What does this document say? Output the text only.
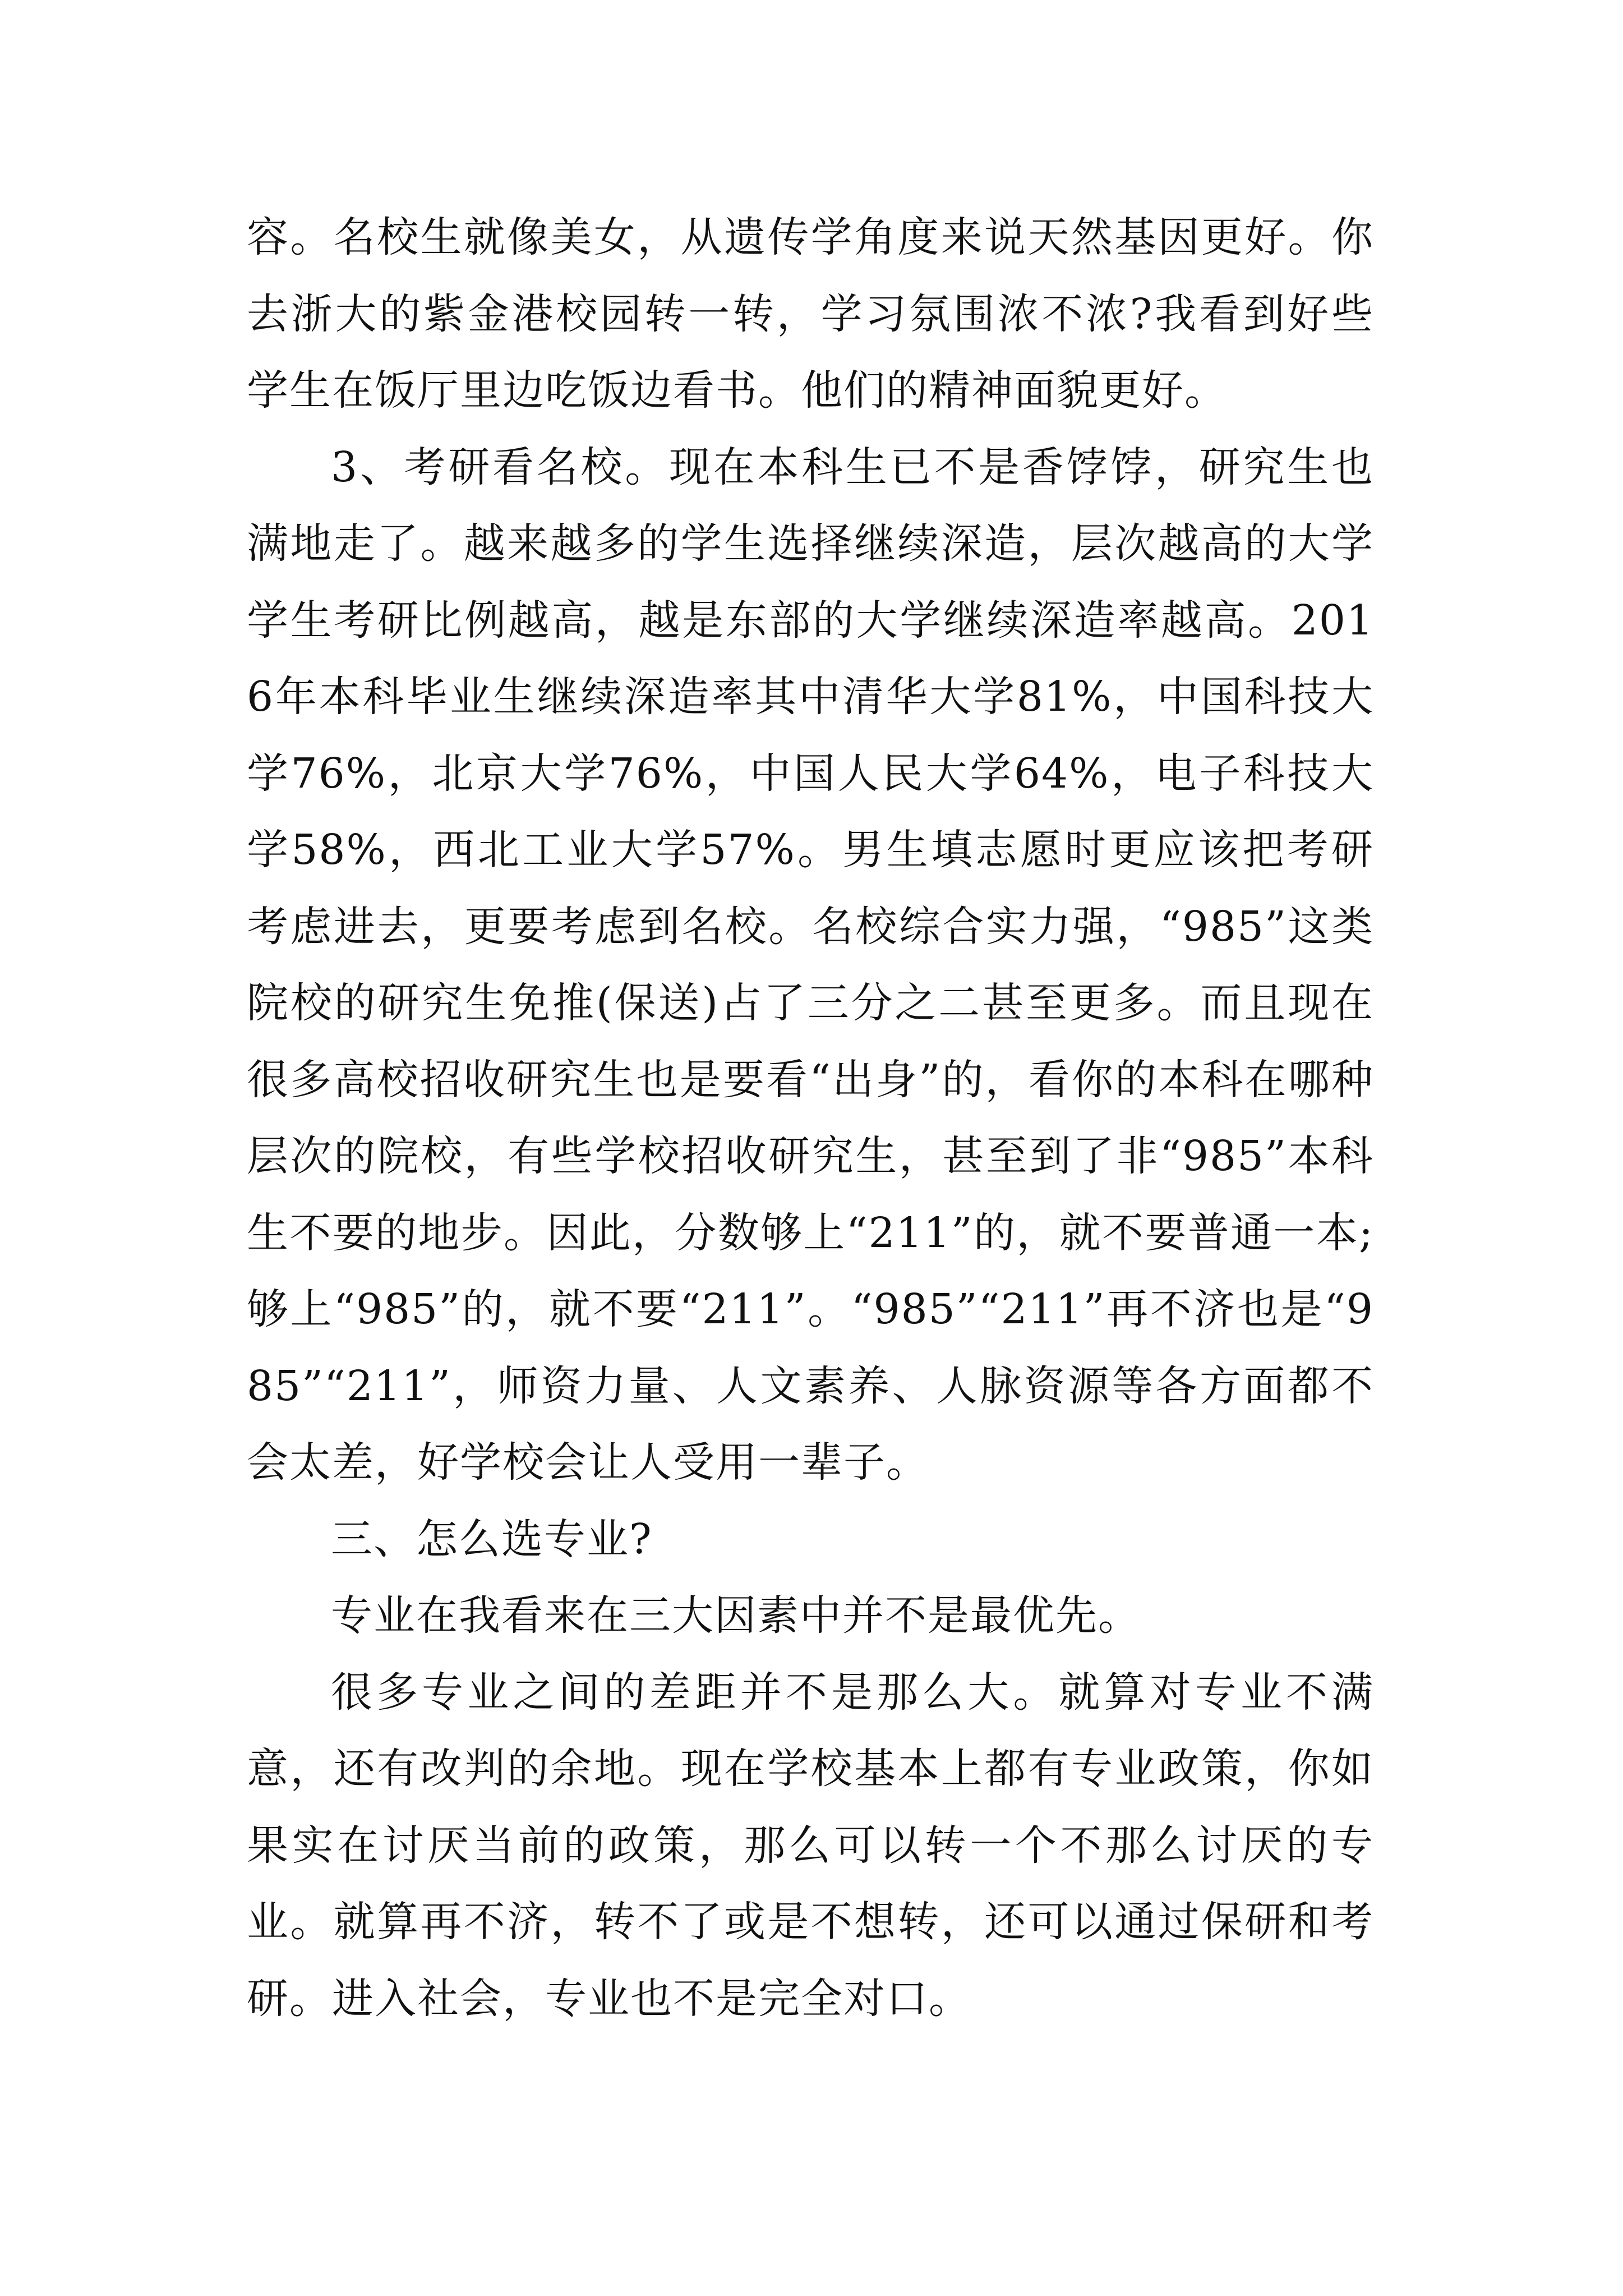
容。名校生就像美女，从遗传学角度来说天然基因更好。你去浙大的紫金港校园转一转，学习氛围浓不浓?我看到好些学生在饭厅里边吃饭边看书。他们的精神面貌更好。

3、考研看名校。现在本科生已不是香饽饽，研究生也满地走了。越来越多的学生选择继续深造，层次越高的大学学生考研比例越高，越是东部的大学继续深造率越高。2016年本科毕业生继续深造率其中清华大学81%，中国科技大学76%，北京大学76%，中国人民大学64%，电子科技大学58%，西北工业大学57%。男生填志愿时更应该把考研考虑进去，更要考虑到名校。名校综合实力强，“985”这类院校的研究生免推(保送)占了三分之二甚至更多。而且现在很多高校招收研究生也是要看“出身”的，看你的本科在哪种层次的院校，有些学校招收研究生，甚至到了非“985”本科生不要的地步。因此，分数够上“211”的，就不要普通一本;够上“985”的，就不要“211”。“985”“211”再不济也是“985”“211”，师资力量、人文素养、人脉资源等各方面都不会太差，好学校会让人受用一辈子。

三、怎么选专业?

专业在我看来在三大因素中并不是最优先。

很多专业之间的差距并不是那么大。就算对专业不满意，还有改判的余地。现在学校基本上都有专业政策，你如果实在讨厌当前的政策，那么可以转一个不那么讨厌的专业。就算再不济，转不了或是不想转，还可以通过保研和考研。进入社会，专业也不是完全对口。
